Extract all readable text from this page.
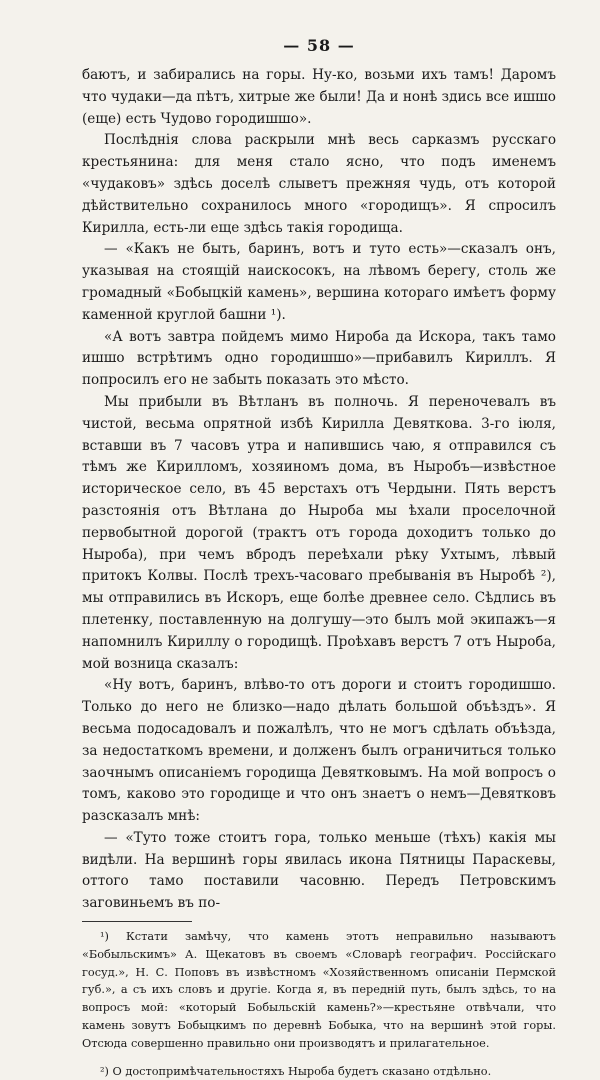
— 58 —

баютъ, и забирались на горы. Ну-ко, возьми ихъ тамъ! Даромъ что чудаки—да пѣтъ, хитрые же были! Да и нонѣ здись все ишшо (еще) есть Чудово городишшо».

Послѣднія слова раскрыли мнѣ весь сарказмъ русскаго крестьянина: для меня стало ясно, что подъ именемъ «чудаковъ» здѣсь доселѣ слыветъ прежняя чудь, отъ которой дѣйствительно сохранилось много «городищъ». Я спросилъ Кирилла, есть-ли еще здѣсь такія городища.

— «Какъ не быть, баринъ, вотъ и туто есть»—сказалъ онъ, указывая на стоящій наискосокъ, на лѣвомъ берегу, столь же громадный «Бобыцкій камень», вершина котораго имѣетъ форму каменной круглой башни ¹).

«А вотъ завтра пойдемъ мимо Нироба да Искора, такъ тамо ишшо встрѣтимъ одно городишшо»—прибавилъ Кириллъ. Я попросилъ его не забыть показать это мѣсто.

Мы прибыли въ Вѣтланъ въ полночь. Я переночевалъ въ чистой, весьма опрятной избѣ Кирилла Девяткова. 3-го іюля, вставши въ 7 часовъ утра и напившись чаю, я отправился съ тѣмъ же Кирилломъ, хозяиномъ дома, въ Ныробъ—извѣстное историческое село, въ 45 верстахъ отъ Чердыни. Пять верстъ разстоянія отъ Вѣтлана до Ныроба мы ѣхали проселочной первобытной дорогой (трактъ отъ города доходитъ только до Ныроба), при чемъ вбродъ переѣхали рѣку Ухтымъ, лѣвый притокъ Колвы. Послѣ трехъ-часоваго пребыванія въ Ныробѣ ²), мы отправились въ Искоръ, еще болѣе древнее село. Сѣдлись въ плетенку, поставленную на долгушу—это былъ мой экипажъ—я напомнилъ Кириллу о городищѣ. Проѣхавъ верстъ 7 отъ Ныроба, мой возница сказалъ:

«Ну вотъ, баринъ, влѣво-то отъ дороги и стоитъ городишшо. Только до него не близко—надо дѣлать большой объѣздъ». Я весьма подосадовалъ и пожалѣлъ, что не могъ сдѣлать объѣзда, за недостаткомъ времени, и долженъ былъ ограничиться только заочнымъ описаніемъ городища Девятковымъ. На мой вопросъ о томъ, каково это городище и что онъ знаетъ о немъ—Девятковъ разсказалъ мнѣ:

— «Туто тоже стоитъ гора, только меньше (тѣхъ) какія мы видѣли. На вершинѣ горы явилась икона Пятницы Параскевы, оттого тамо поставили часовню. Передъ Петровскимъ заговиньемъ въ по-

¹) Кстати замѣчу, что камень этотъ неправильно называютъ «Бобыльскимъ» А. Щекатовъ въ своемъ «Словарѣ географич. Россійскаго госуд.», Н. С. Поповъ въ извѣстномъ «Хозяйственномъ описаніи Пермской губ.», а съ ихъ словъ и другіе. Когда я, въ передній путь, былъ здѣсь, то на вопросъ мой: «который Бобыльскій камень?»—крестьяне отвѣчали, что камень зовутъ Бобыцкимъ по деревнѣ Бобыка, что на вершинѣ этой горы. Отсюда совершенно правильно они производятъ и прилагательное.

²) О достопримѣчательностяхъ Ныроба будетъ сказано отдѣльно.
